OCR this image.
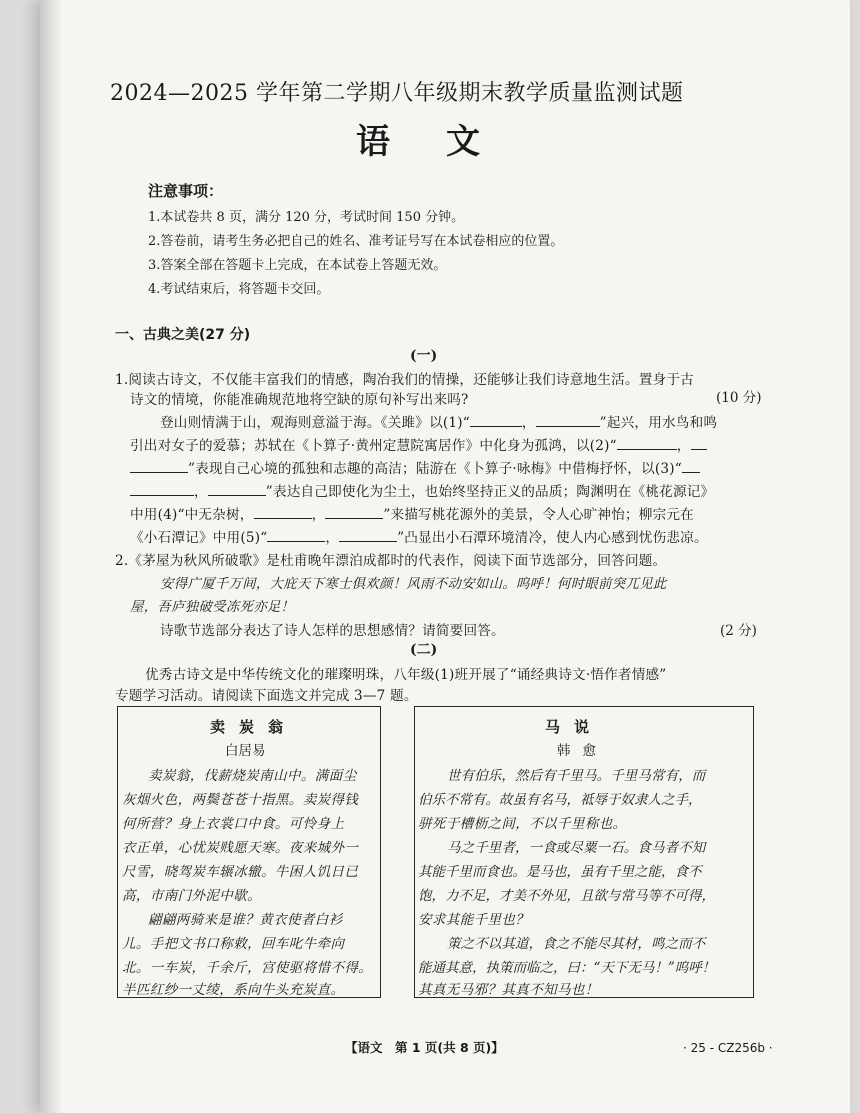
2024—2025 学年第二学期八年级期末教学质量监测试题
语文
注意事项：
1.本试卷共 8 页，满分 120 分，考试时间 150 分钟。
2.答卷前，请考生务必把自己的姓名、准考证号写在本试卷相应的位置。
3.答案全部在答题卡上完成，在本试卷上答题无效。
4.考试结束后，将答题卡交回。
一、古典之美(27 分)
(一)
1.阅读古诗文，不仅能丰富我们的情感，陶冶我们的情操，还能够让我们诗意地生活。置身于古
诗文的情境，你能准确规范地将空缺的原句补写出来吗?	(10 分)
登山则情满于山，观海则意溢于海。《关雎》以(1)“	，	”起兴，用水鸟和鸣
引出对女子的爱慕；苏轼在《卜算子·黄州定慧院寓居作》中化身为孤鸿，以(2)“	，
”表现自己心境的孤独和志趣的高洁；陆游在《卜算子·咏梅》中借梅抒怀，以(3)“
，	”表达自己即使化为尘土，也始终坚持正义的品质；陶渊明在《桃花源记》
中用(4)“中无杂树，	，	”来描写桃花源外的美景，令人心旷神怡；柳宗元在
《小石潭记》中用(5)“	，	”凸显出小石潭环境清冷，使人内心感到忧伤悲凉。
2.《茅屋为秋风所破歌》是杜甫晚年漂泊成都时的代表作，阅读下面节选部分，回答问题。
安得广厦千万间，大庇天下寒士俱欢颜！风雨不动安如山。呜呼！何时眼前突兀见此
屋，吾庐独破受冻死亦足！
诗歌节选部分表达了诗人怎样的思想感情？请简要回答。	(2 分)
(二)
优秀古诗文是中华传统文化的璀璨明珠，八年级(1)班开展了“诵经典诗文·悟作者情感”
专题学习活动。请阅读下面选文并完成 3—7 题。
卖炭翁
白居易
卖炭翁，伐薪烧炭南山中。满面尘
灰烟火色，两鬓苍苍十指黑。卖炭得钱
何所营？身上衣裳口中食。可怜身上
衣正单，心忧炭贱愿天寒。夜来城外一
尺雪，晓驾炭车辗冰辙。牛困人饥日已
高，市南门外泥中歇。
翩翩两骑来是谁？黄衣使者白衫
儿。手把文书口称敕，回车叱牛牵向
北。一车炭，千余斤，宫使驱将惜不得。
半匹红纱一丈绫，系向牛头充炭直。
马说
韩愈
世有伯乐，然后有千里马。千里马常有，而
伯乐不常有。故虽有名马，祗辱于奴隶人之手，
骈死于槽枥之间，不以千里称也。
马之千里者，一食或尽粟一石。食马者不知
其能千里而食也。是马也，虽有千里之能，食不
饱，力不足，才美不外见，且欲与常马等不可得，
安求其能千里也？
策之不以其道，食之不能尽其材，鸣之而不
能通其意，执策而临之，曰：“天下无马！”呜呼！
其真无马邪？其真不知马也！
【语文　第 1 页(共 8 页)】	· 25 - CZ256b ·
